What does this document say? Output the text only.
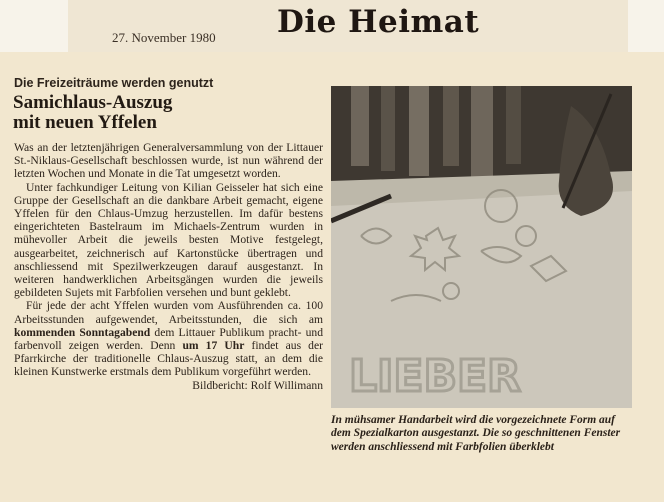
27. November 1980 Die Heimat
Die Freizeiträume werden genutzt
Samichlaus-Auszug
mit neuen Yffelen

Was an der letztenjährigen Generalversammlung von der Littauer St.-Niklaus-Gesellschaft beschlossen wurde, ist nun während der letzten Wochen und Monate in die Tat umgesetzt worden.

Unter fachkundiger Leitung von Kilian Geisseler hat sich eine Gruppe der Gesellschaft an die dankbare Arbeit gemacht, eigene Yffelen für den Chlaus-Umzug herzustellen. Im dafür bestens eingerichteten Bastelraum im Michaels-Zentrum wurden in mühevoller Arbeit die jeweils besten Motive festgelegt, ausgearbeitet, zeichnerisch auf Kartonstücke übertragen und anschliessend mit Spezilwerkzeugen darauf ausgestanzt. In weiteren handwerklichen Arbeitsgängen wurden die jeweils gebildeten Sujets mit Farbfolien versehen und bunt geklebt.

Für jede der acht Yffelen wurden vom Ausführenden ca. 100 Arbeitsstunden aufgewendet, Arbeitsstunden, die sich am kommenden Sonntagabend dem Littauer Publikum pracht- und farbenvoll zeigen werden. Denn um 17 Uhr findet aus der Pfarrkirche der traditionelle Chlaus-Auszug statt, an dem die kleinen Kunstwerke erstmals dem Publikum vorgeführt werden.
Bildbericht: Rolf Willimann LIEBER
In mühsamer Handarbeit wird die vorgezeichnete Form auf dem Spezialkarton ausgestanzt. Die so geschnittenen Fenster werden anschliessend mit Farbfolien überklebt
